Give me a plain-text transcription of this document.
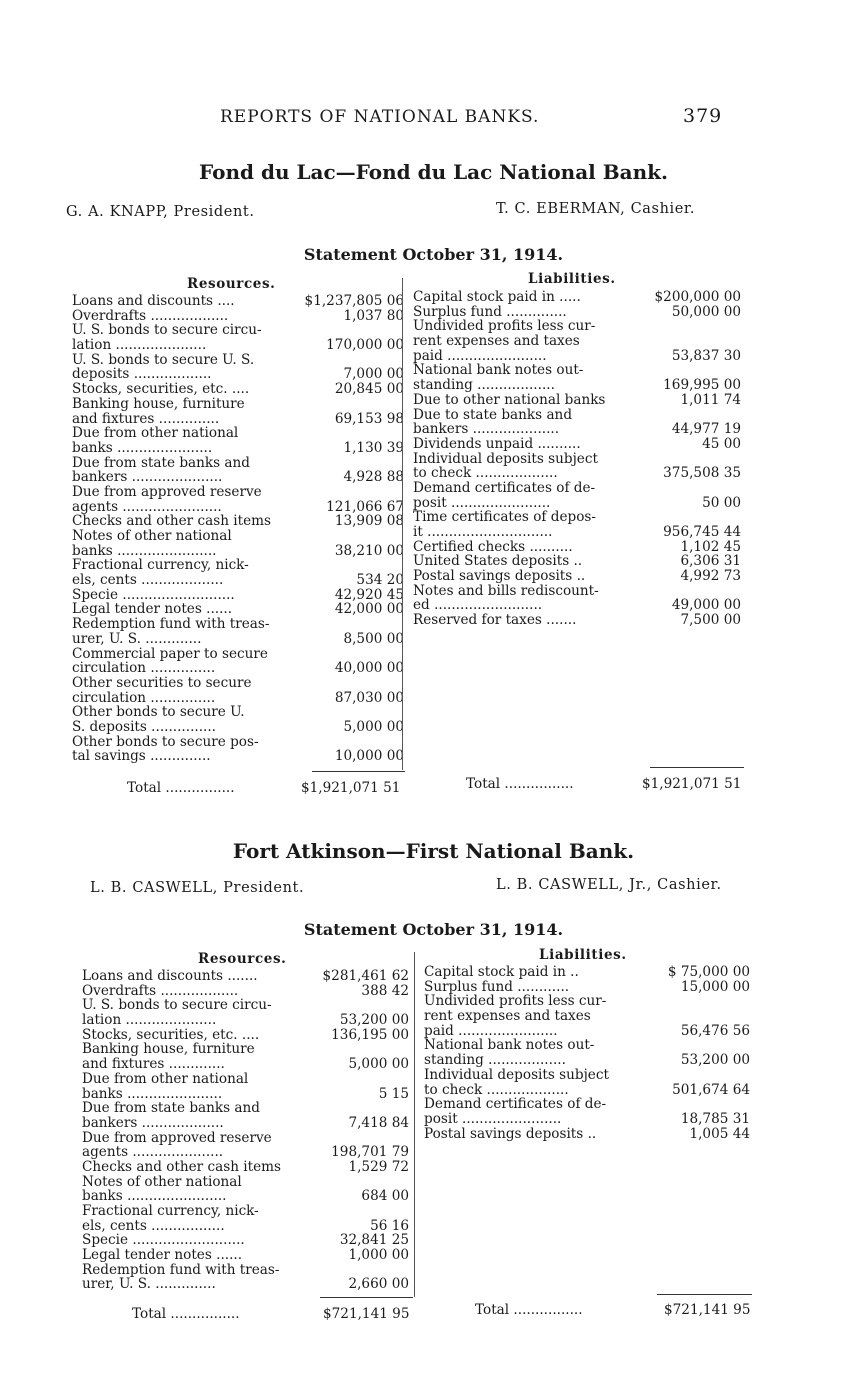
REPORTS OF NATIONAL BANKS.	379
Fond du Lac—Fond du Lac National Bank.
G. A. KNAPP, President.	T. C. EBERMAN, Cashier.
Statement October 31, 1914.
Resources.	Liabilities.
Loans and discounts ....	$1,237,805 06
Overdrafts ..................	1,037 80
U. S. bonds to secure circu-
lation .....................	170,000 00
U. S. bonds to secure U. S.
deposits ..................	7,000 00
Stocks, securities, etc. ....	20,845 00
Banking house, furniture
and fixtures ..............	69,153 98
Due from other national
banks ......................	1,130 39
Due from state banks and
bankers .....................	4,928 88
Due from approved reserve
agents .......................	121,066 67
Checks and other cash items	13,909 08
Notes of other national
banks .......................	38,210 00
Fractional currency, nick-
els, cents ...................	534 20
Specie ..........................	42,920 45
Legal tender notes ......	42,000 00
Redemption fund with treas-
urer, U. S. .............	8,500 00
Commercial paper to secure
circulation ...............	40,000 00
Other securities to secure
circulation ...............	87,030 00
Other bonds to secure U.
S. deposits ...............	5,000 00
Other bonds to secure pos-
tal savings ..............	10,000 00
Capital stock paid in .....	$200,000 00
Surplus fund ..............	50,000 00
Undivided profits less cur-
rent expenses and taxes
paid .......................	53,837 30
National bank notes out-
standing ..................	169,995 00
Due to other national banks	1,011 74
Due to state banks and
bankers ....................	44,977 19
Dividends unpaid ..........	45 00
Individual deposits subject
to check ...................	375,508 35
Demand certificates of de-
posit .......................	50 00
Time certificates of depos-
it .............................	956,745 44
Certified checks ..........	1,102 45
United States deposits ..	6,306 31
Postal savings deposits ..	4,992 73
Notes and bills rediscount-
ed .........................	49,000 00
Reserved for taxes .......	7,500 00
Total ................	$1,921,071 51	Total ................	$1,921,071 51
Fort Atkinson—First National Bank.
L. B. CASWELL, President.	L. B. CASWELL, Jr., Cashier.
Statement October 31, 1914.
Resources.	Liabilities.
Loans and discounts .......	$281,461 62
Overdrafts ..................	388 42
U. S. bonds to secure circu-
lation .....................	53,200 00
Stocks, securities, etc. ....	136,195 00
Banking house, furniture
and fixtures .............	5,000 00
Due from other national
banks ......................	5 15
Due from state banks and
bankers ...................	7,418 84
Due from approved reserve
agents .....................	198,701 79
Checks and other cash items	1,529 72
Notes of other national
banks .......................	684 00
Fractional currency, nick-
els, cents .................	56 16
Specie ..........................	32,841 25
Legal tender notes ......	1,000 00
Redemption fund with treas-
urer, U. S. ..............	2,660 00
Capital stock paid in ..	$ 75,000 00
Surplus fund ............	15,000 00
Undivided profits less cur-
rent expenses and taxes
paid .......................	56,476 56
National bank notes out-
standing ..................	53,200 00
Individual deposits subject
to check ...................	501,674 64
Demand certificates of de-
posit .......................	18,785 31
Postal savings deposits ..	1,005 44
Total ................	$721,141 95	Total ................	$721,141 95
